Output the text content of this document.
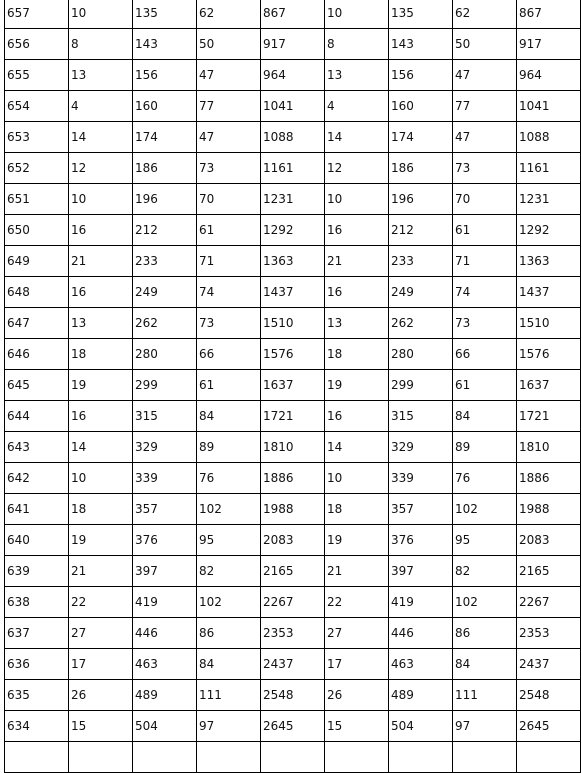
657	10	135	62	867	10	135	62	867
656	8	143	50	917	8	143	50	917
655	13	156	47	964	13	156	47	964
654	4	160	77	1041	4	160	77	1041
653	14	174	47	1088	14	174	47	1088
652	12	186	73	1161	12	186	73	1161
651	10	196	70	1231	10	196	70	1231
650	16	212	61	1292	16	212	61	1292
649	21	233	71	1363	21	233	71	1363
648	16	249	74	1437	16	249	74	1437
647	13	262	73	1510	13	262	73	1510
646	18	280	66	1576	18	280	66	1576
645	19	299	61	1637	19	299	61	1637
644	16	315	84	1721	16	315	84	1721
643	14	329	89	1810	14	329	89	1810
642	10	339	76	1886	10	339	76	1886
641	18	357	102	1988	18	357	102	1988
640	19	376	95	2083	19	376	95	2083
639	21	397	82	2165	21	397	82	2165
638	22	419	102	2267	22	419	102	2267
637	27	446	86	2353	27	446	86	2353
636	17	463	84	2437	17	463	84	2437
635	26	489	111	2548	26	489	111	2548
634	15	504	97	2645	15	504	97	2645
